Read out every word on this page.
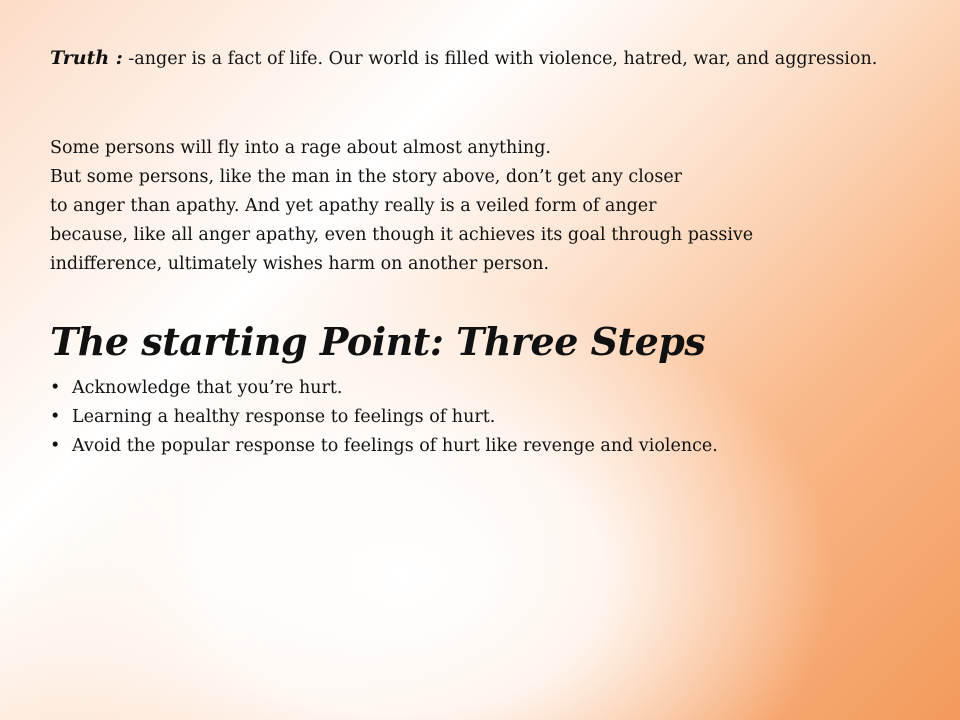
Truth : -anger is a fact of life. Our world is filled with violence, hatred, war, and aggression.
Some persons will fly into a rage about almost anything.
But some persons, like the man in the story above, don’t get any closer
to anger than apathy. And yet apathy really is a veiled form of anger
because, like all anger apathy, even though it achieves its goal through passive
indifference, ultimately wishes harm on another person.
The starting Point: Three Steps
• Acknowledge that you’re hurt.
• Learning a healthy response to feelings of hurt.
• Avoid the popular response to feelings of hurt like revenge and violence.
